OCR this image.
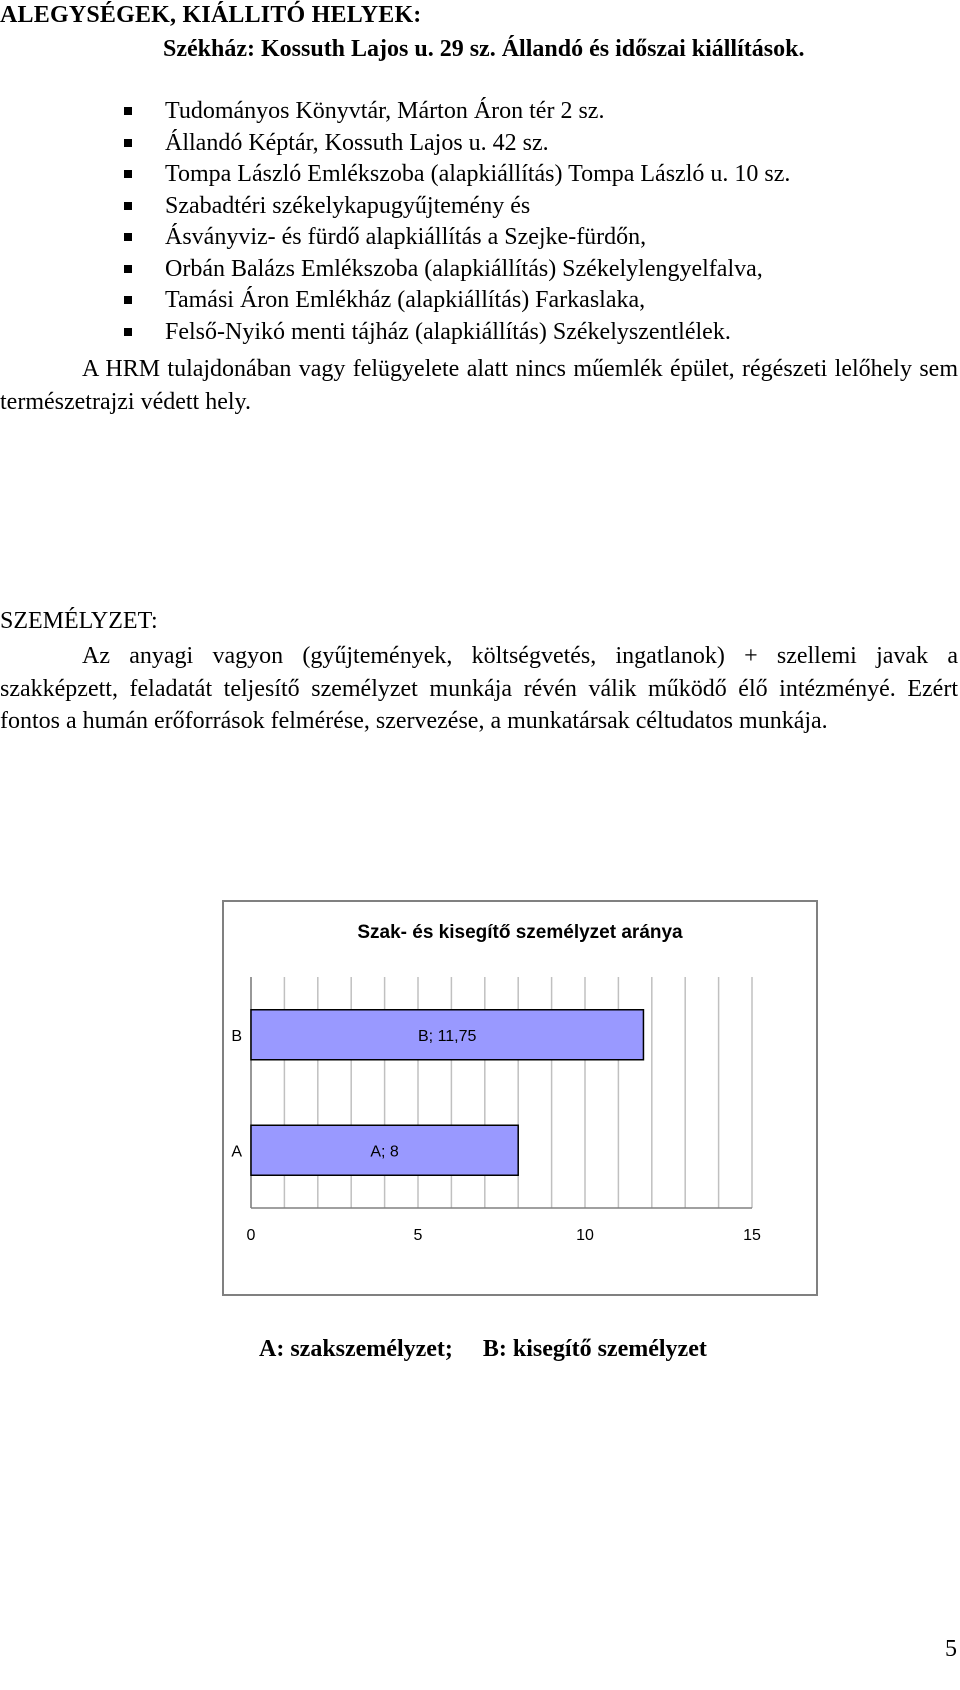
ALEGYSÉGEK, KIÁLLITÓ HELYEK:
Székház: Kossuth Lajos u. 29 sz. Állandó és időszai kiállítások.
Tudományos Könyvtár, Márton Áron tér 2 sz.
Állandó Képtár, Kossuth Lajos u. 42 sz.
Tompa László Emlékszoba (alapkiállítás) Tompa László u. 10 sz.
Szabadtéri székelykapugyűjtemény és
Ásványviz- és fürdő alapkiállítás a Szejke-fürdőn,
Orbán Balázs Emlékszoba (alapkiállítás) Székelylengyelfalva,
Tamási Áron Emlékház (alapkiállítás) Farkaslaka,
Felső-Nyikó menti tájház (alapkiállítás) Székelyszentlélek.
A HRM tulajdonában vagy felügyelete alatt nincs műemlék épület, régészeti lelőhely sem természetrajzi védett hely.
SZEMÉLYZET:
Az anyagi vagyon (gyűjtemények, költségvetés, ingatlanok) + szellemi javak a szakképzett, feladatát teljesítő személyzet munkája révén válik működő élő intézményé. Ezért fontos a humán erőforrások felmérése, szervezése, a munkatársak céltudatos munkája.
Szak- és kisegítő személyzet aránya
B	B; 11,75
A	A; 8
0	5	10	15
A: szakszemélyzet;     B: kisegítő személyzet
5
